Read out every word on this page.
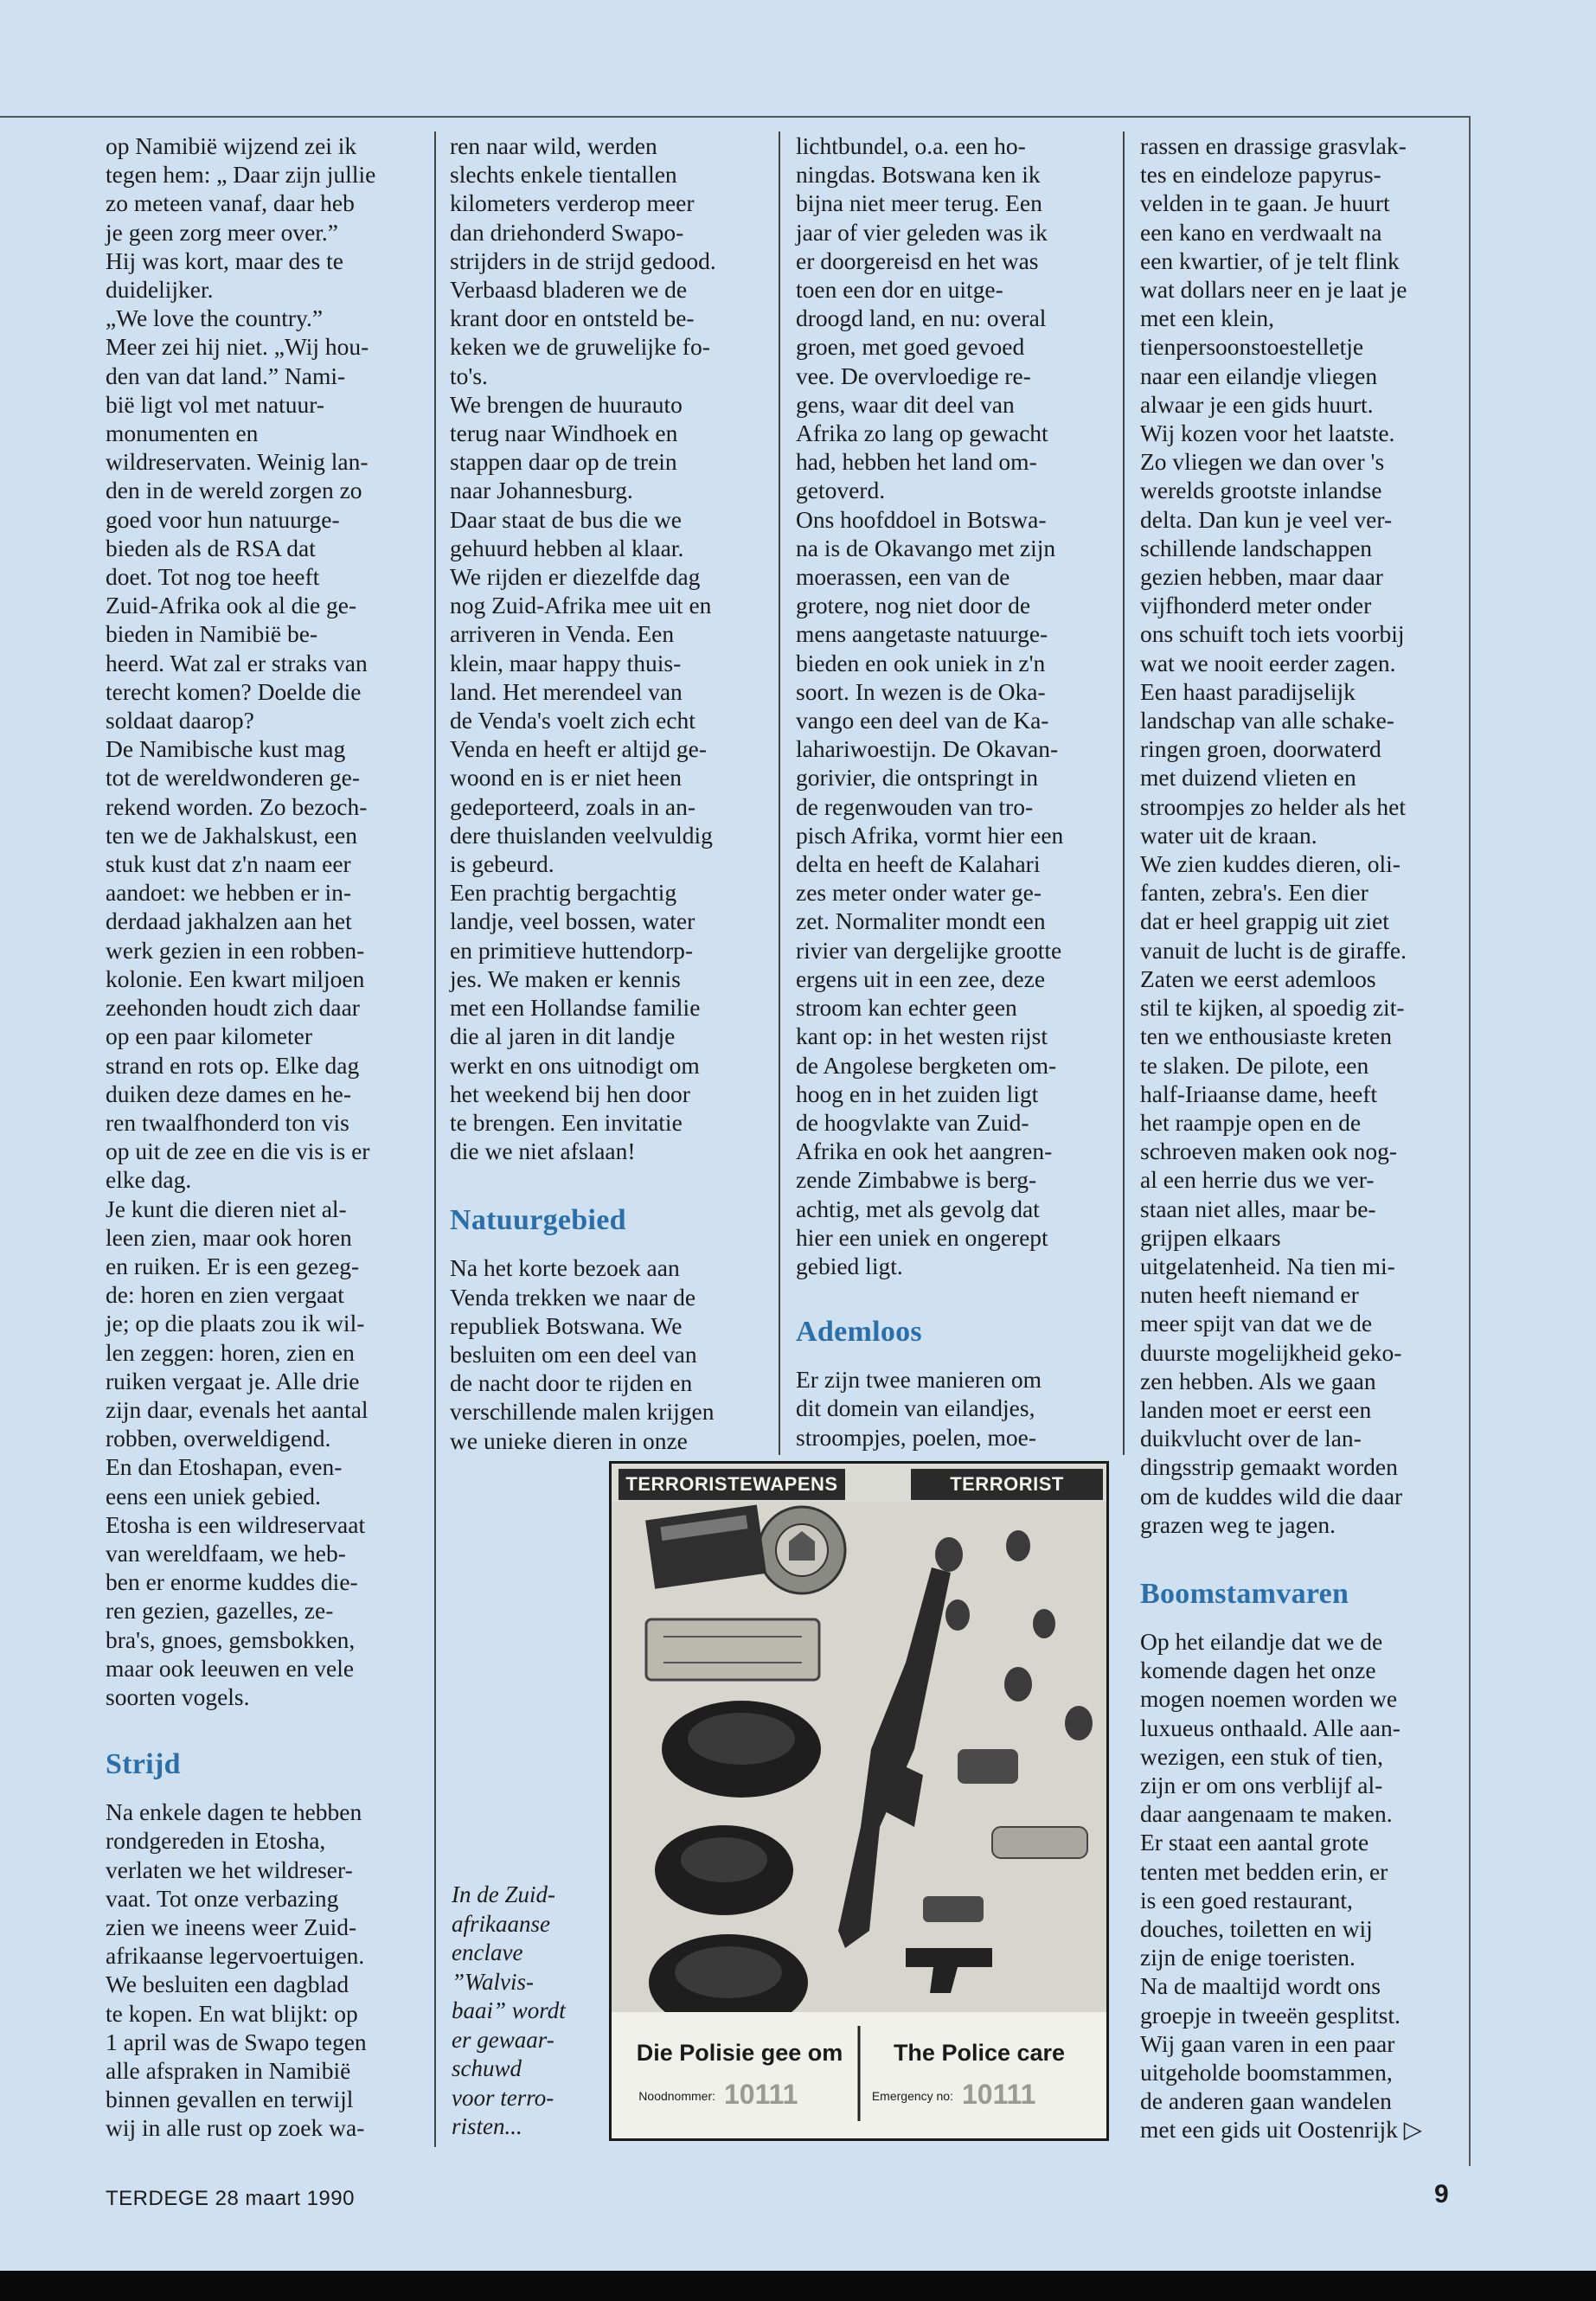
op Namibië wijzend zei ik

tegen hem: „ Daar zijn jullie

zo meteen vanaf, daar heb

je geen zorg meer over.”

Hij was kort, maar des te

duidelijker.

„We love the country.”

Meer zei hij niet. „Wij hou-

den van dat land.” Nami-

bië ligt vol met natuur-

monumenten en

wildreservaten. Weinig lan-

den in de wereld zorgen zo

goed voor hun natuurge-

bieden als de RSA dat

doet. Tot nog toe heeft

Zuid-Afrika ook al die ge-

bieden in Namibië be-

heerd. Wat zal er straks van

terecht komen? Doelde die

soldaat daarop?

De Namibische kust mag

tot de wereldwonderen ge-

rekend worden. Zo bezoch-

ten we de Jakhalskust, een

stuk kust dat z'n naam eer

aandoet: we hebben er in-

derdaad jakhalzen aan het

werk gezien in een robben-

kolonie. Een kwart miljoen

zeehonden houdt zich daar

op een paar kilometer

strand en rots op. Elke dag

duiken deze dames en he-

ren twaalfhonderd ton vis

op uit de zee en die vis is er

elke dag.

Je kunt die dieren niet al-

leen zien, maar ook horen

en ruiken. Er is een gezeg-

de: horen en zien vergaat

je; op die plaats zou ik wil-

len zeggen: horen, zien en

ruiken vergaat je. Alle drie

zijn daar, evenals het aantal

robben, overweldigend.

En dan Etoshapan, even-

eens een uniek gebied.

Etosha is een wildreservaat

van wereldfaam, we heb-

ben er enorme kuddes die-

ren gezien, gazelles, ze-

bra's, gnoes, gemsbokken,

maar ook leeuwen en vele

soorten vogels.

Strijd

Na enkele dagen te hebben

rondgereden in Etosha,

verlaten we het wildreser-

vaat. Tot onze verbazing

zien we ineens weer Zuid-

afrikaanse legervoertuigen.

We besluiten een dagblad

te kopen. En wat blijkt: op

1 april was de Swapo tegen

alle afspraken in Namibië

binnen gevallen en terwijl

wij in alle rust op zoek wa-

ren naar wild, werden

slechts enkele tientallen

kilometers verderop meer

dan driehonderd Swapo-

strijders in de strijd gedood.

Verbaasd bladeren we de

krant door en ontsteld be-

keken we de gruwelijke fo-

to's.

We brengen de huurauto

terug naar Windhoek en

stappen daar op de trein

naar Johannesburg.

Daar staat de bus die we

gehuurd hebben al klaar.

We rijden er diezelfde dag

nog Zuid-Afrika mee uit en

arriveren in Venda. Een

klein, maar happy thuis-

land. Het merendeel van

de Venda's voelt zich echt

Venda en heeft er altijd ge-

woond en is er niet heen

gedeporteerd, zoals in an-

dere thuislanden veelvuldig

is gebeurd.

Een prachtig bergachtig

landje, veel bossen, water

en primitieve huttendorp-

jes. We maken er kennis

met een Hollandse familie

die al jaren in dit landje

werkt en ons uitnodigt om

het weekend bij hen door

te brengen. Een invitatie

die we niet afslaan!

Natuurgebied

Na het korte bezoek aan

Venda trekken we naar de

republiek Botswana. We

besluiten om een deel van

de nacht door te rijden en

verschillende malen krijgen

we unieke dieren in onze

lichtbundel, o.a. een ho-

ningdas. Botswana ken ik

bijna niet meer terug. Een

jaar of vier geleden was ik

er doorgereisd en het was

toen een dor en uitge-

droogd land, en nu: overal

groen, met goed gevoed

vee. De overvloedige re-

gens, waar dit deel van

Afrika zo lang op gewacht

had, hebben het land om-

getoverd.

Ons hoofddoel in Botswa-

na is de Okavango met zijn

moerassen, een van de

grotere, nog niet door de

mens aangetaste natuurge-

bieden en ook uniek in z'n

soort. In wezen is de Oka-

vango een deel van de Ka-

lahariwoestijn. De Okavan-

gorivier, die ontspringt in

de regenwouden van tro-

pisch Afrika, vormt hier een

delta en heeft de Kalahari

zes meter onder water ge-

zet. Normaliter mondt een

rivier van dergelijke grootte

ergens uit in een zee, deze

stroom kan echter geen

kant op: in het westen rijst

de Angolese bergketen om-

hoog en in het zuiden ligt

de hoogvlakte van Zuid-

Afrika en ook het aangren-

zende Zimbabwe is berg-

achtig, met als gevolg dat

hier een uniek en ongerept

gebied ligt.

Ademloos

Er zijn twee manieren om

dit domein van eilandjes,

stroompjes, poelen, moe-

rassen en drassige grasvlak-

tes en eindeloze papyrus-

velden in te gaan. Je huurt

een kano en verdwaalt na

een kwartier, of je telt flink

wat dollars neer en je laat je

met een klein,

tienpersoonstoestelletje

naar een eilandje vliegen

alwaar je een gids huurt.

Wij kozen voor het laatste.

Zo vliegen we dan over 's

werelds grootste inlandse

delta. Dan kun je veel ver-

schillende landschappen

gezien hebben, maar daar

vijfhonderd meter onder

ons schuift toch iets voorbij

wat we nooit eerder zagen.

Een haast paradijselijk

landschap van alle schake-

ringen groen, doorwaterd

met duizend vlieten en

stroompjes zo helder als het

water uit de kraan.

We zien kuddes dieren, oli-

fanten, zebra's. Een dier

dat er heel grappig uit ziet

vanuit de lucht is de giraffe.

Zaten we eerst ademloos

stil te kijken, al spoedig zit-

ten we enthousiaste kreten

te slaken. De pilote, een

half-Iriaanse dame, heeft

het raampje open en de

schroeven maken ook nog-

al een herrie dus we ver-

staan niet alles, maar be-

grijpen elkaars

uitgelatenheid. Na tien mi-

nuten heeft niemand er

meer spijt van dat we de

duurste mogelijkheid geko-

zen hebben. Als we gaan

landen moet er eerst een

duikvlucht over de lan-

dingsstrip gemaakt worden

om de kuddes wild die daar

grazen weg te jagen.

Boomstamvaren

Op het eilandje dat we de

komende dagen het onze

mogen noemen worden we

luxueus onthaald. Alle aan-

wezigen, een stuk of tien,

zijn er om ons verblijf al-

daar aangenaam te maken.

Er staat een aantal grote

tenten met bedden erin, er

is een goed restaurant,

douches, toiletten en wij

zijn de enige toeristen.

Na de maaltijd wordt ons

groepje in tweeën gesplitst.

Wij gaan varen in een paar

uitgeholde boomstammen,

de anderen gaan wandelen

met een gids uit Oostenrijk ▷

In de Zuid-
afrikaanse
enclave
”Walvis-
baai” wordt
er gewaar-
schuwd
voor terro-
risten...
TERRORISTEWAPENS	TERRORIST
Die Polisie gee om The Police care
Noodnommer: 10111	Emergency no: 10111
TERDEGE 28 maart 1990	9
